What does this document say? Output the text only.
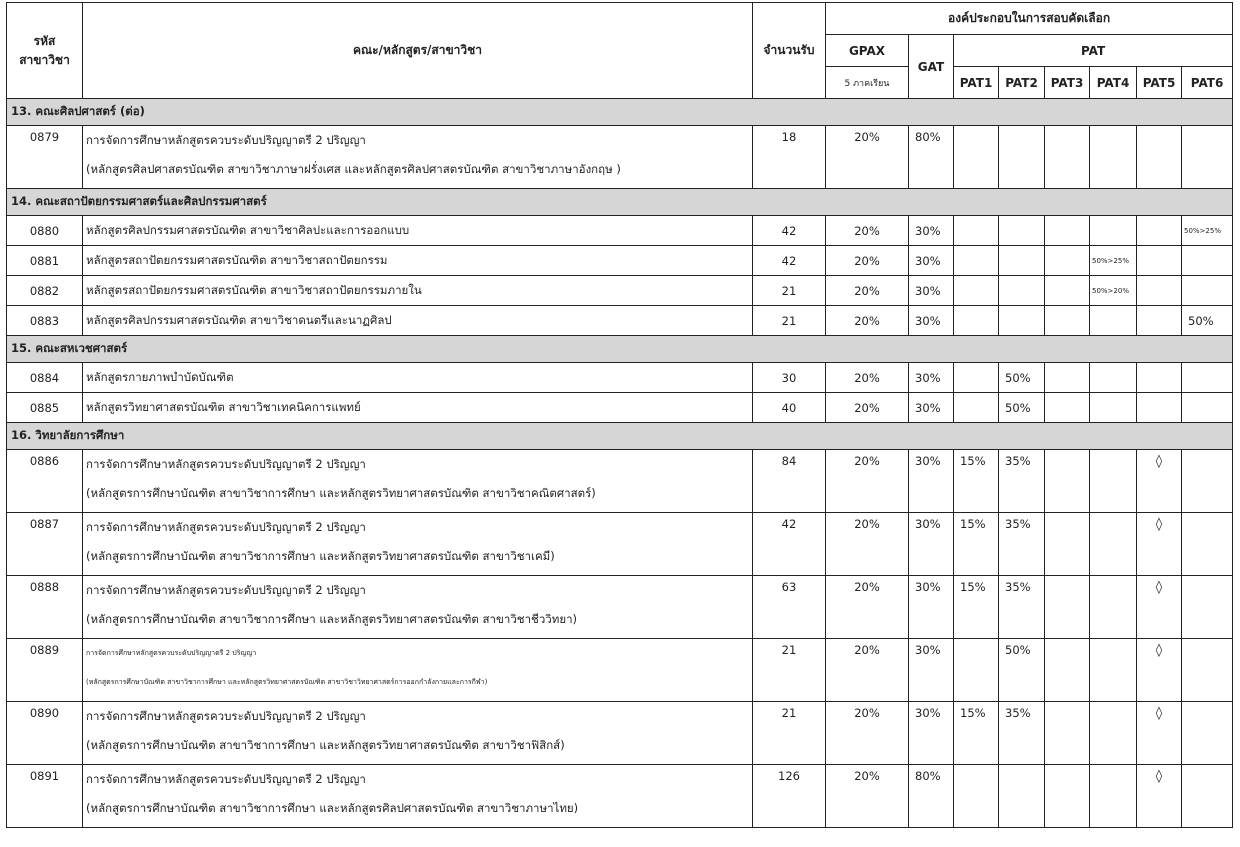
รหัส
สาขาวิชา	คณะ/หลักสูตร/สาขาวิชา	จำนวนรับ	องค์ประกอบในการสอบคัดเลือก							
			GPAX	GAT	PAT					
			5 ภาคเรียน		PAT1	PAT2	PAT3	PAT4	PAT5	PAT6
13. คณะศิลปศาสตร์ (ต่อ)										
0879	การจัดการศึกษาหลักสูตรควบระดับปริญญาตรี 2 ปริญญา
(หลักสูตรศิลปศาสตรบัณฑิต สาขาวิชาภาษาฝรั่งเศส และหลักสูตรศิลปศาสตรบัณฑิต สาขาวิชาภาษาอังกฤษ )	18	20%	80%						
14. คณะสถาปัตยกรรมศาสตร์และศิลปกรรมศาสตร์										
0880	หลักสูตรศิลปกรรมศาสตรบัณฑิต สาขาวิชาศิลปะและการออกแบบ	42	20%	30%						50%>25%
0881	หลักสูตรสถาปัตยกรรมศาสตรบัณฑิต สาขาวิชาสถาปัตยกรรม	42	20%	30%				50%>25%		
0882	หลักสูตรสถาปัตยกรรมศาสตรบัณฑิต สาขาวิชาสถาปัตยกรรมภายใน	21	20%	30%				50%>20%		
0883	หลักสูตรศิลปกรรมศาสตรบัณฑิต สาขาวิชาดนตรีและนาฏศิลป	21	20%	30%						50%
15. คณะสหเวชศาสตร์										
0884	หลักสูตรกายภาพบำบัดบัณฑิต	30	20%	30%		50%				
0885	หลักสูตรวิทยาศาสตรบัณฑิต สาขาวิชาเทคนิคการแพทย์	40	20%	30%		50%				
16. วิทยาลัยการศึกษา										
0886	การจัดการศึกษาหลักสูตรควบระดับปริญญาตรี 2 ปริญญา
(หลักสูตรการศึกษาบัณฑิต สาขาวิชาการศึกษา และหลักสูตรวิทยาศาสตรบัณฑิต สาขาวิชาคณิตศาสตร์)	84	20%	30%	15%	35%			◊	
0887	การจัดการศึกษาหลักสูตรควบระดับปริญญาตรี 2 ปริญญา
(หลักสูตรการศึกษาบัณฑิต สาขาวิชาการศึกษา และหลักสูตรวิทยาศาสตรบัณฑิต สาขาวิชาเคมี)	42	20%	30%	15%	35%			◊	
0888	การจัดการศึกษาหลักสูตรควบระดับปริญญาตรี 2 ปริญญา
(หลักสูตรการศึกษาบัณฑิต สาขาวิชาการศึกษา และหลักสูตรวิทยาศาสตรบัณฑิต สาขาวิชาชีววิทยา)	63	20%	30%	15%	35%			◊	
0889	การจัดการศึกษาหลักสูตรควบระดับปริญญาตรี 2 ปริญญา
(หลักสูตรการศึกษาบัณฑิต สาขาวิชาการศึกษา และหลักสูตรวิทยาศาสตรบัณฑิต สาขาวิชาวิทยาศาสตร์การออกกำลังกายและการกีฬา)	21	20%	30%		50%			◊	
0890	การจัดการศึกษาหลักสูตรควบระดับปริญญาตรี 2 ปริญญา
(หลักสูตรการศึกษาบัณฑิต สาขาวิชาการศึกษา และหลักสูตรวิทยาศาสตรบัณฑิต สาขาวิชาฟิสิกส์)	21	20%	30%	15%	35%			◊	
0891	การจัดการศึกษาหลักสูตรควบระดับปริญญาตรี 2 ปริญญา
(หลักสูตรการศึกษาบัณฑิต สาขาวิชาการศึกษา และหลักสูตรศิลปศาสตรบัณฑิต สาขาวิชาภาษาไทย)	126	20%	80%					◊	
